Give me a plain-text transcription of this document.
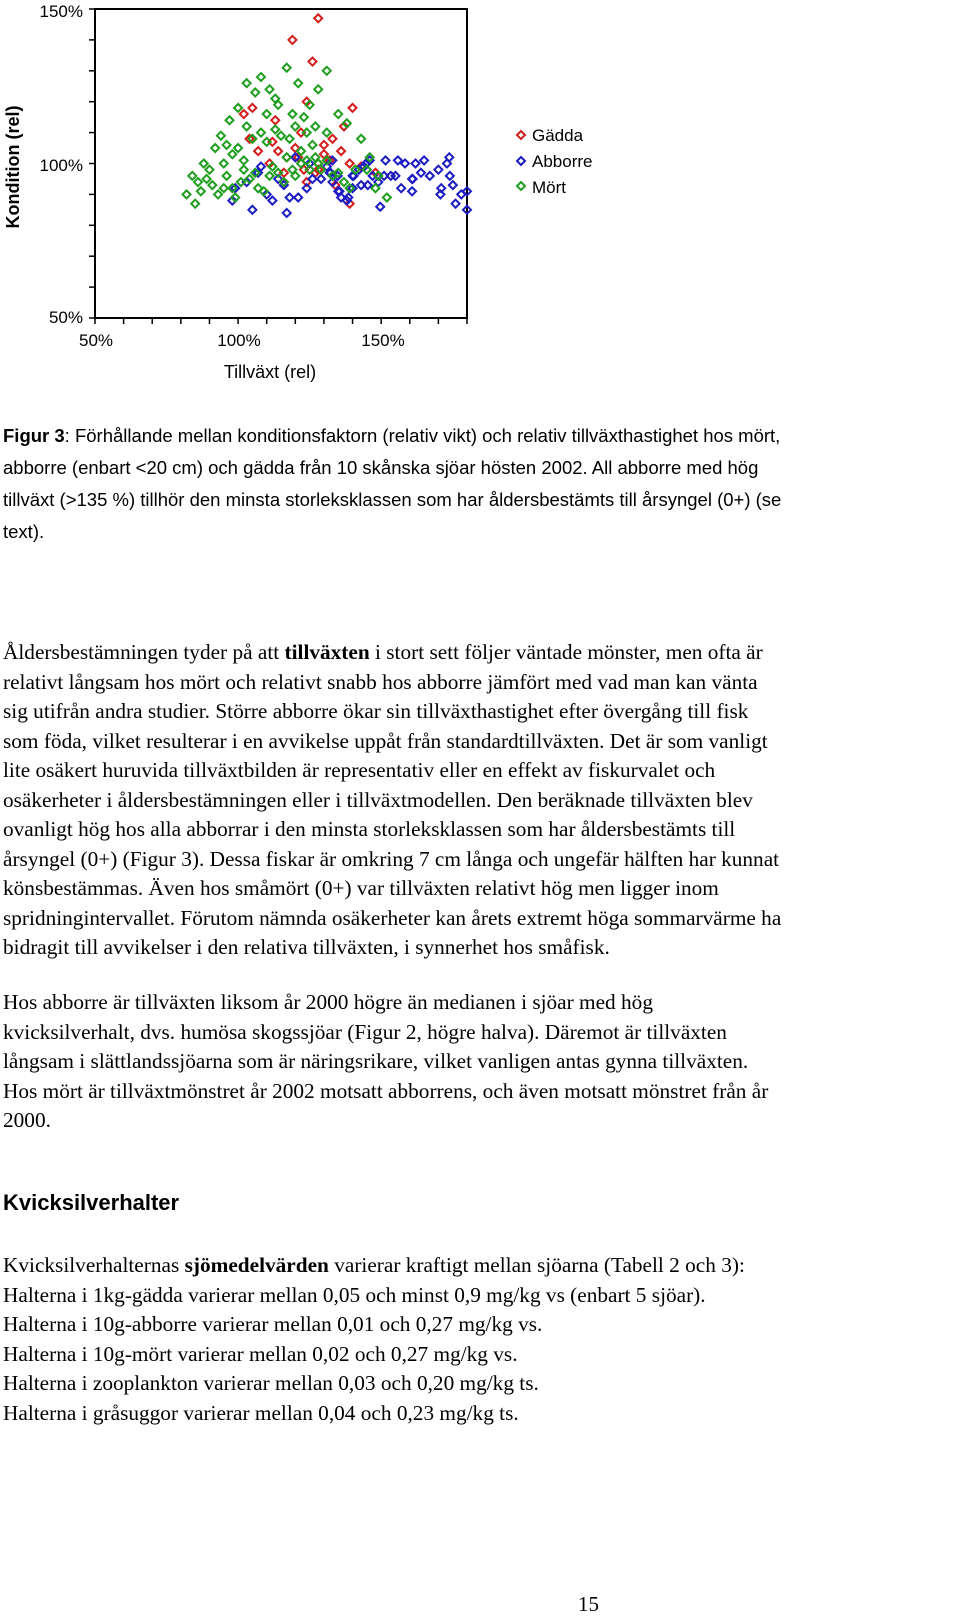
150%
100%
50%
50%	100%	150%
Tillväxt (rel)
Kondition (rel)	Gädda
Abborre
Mört
Figur 3: Förhållande mellan konditionsfaktorn (relativ vikt) och relativ tillväxthastighet hos mört,
abborre (enbart <20 cm) och gädda från 10 skånska sjöar hösten 2002. All abborre med hög
tillväxt (>135 %) tillhör den minsta storleksklassen som har åldersbestämts till årsyngel (0+) (se
text).
Åldersbestämningen tyder på att tillväxten i stort sett följer väntade mönster, men ofta är
relativt långsam hos mört och relativt snabb hos abborre jämfört med vad man kan vänta
sig utifrån andra studier. Större abborre ökar sin tillväxthastighet efter övergång till fisk
som föda, vilket resulterar i en avvikelse uppåt från standardtillväxten. Det är som vanligt
lite osäkert huruvida tillväxtbilden är representativ eller en effekt av fiskurvalet och
osäkerheter i åldersbestämningen eller i tillväxtmodellen. Den beräknade tillväxten blev
ovanligt hög hos alla abborrar i den minsta storleksklassen som har åldersbestämts till
årsyngel (0+) (Figur 3). Dessa fiskar är omkring 7 cm långa och ungefär hälften har kunnat
könsbestämmas. Även hos småmört (0+) var tillväxten relativt hög men ligger inom
spridningintervallet. Förutom nämnda osäkerheter kan årets extremt höga sommarvärme ha
bidragit till avvikelser i den relativa tillväxten, i synnerhet hos småfisk.
Hos abborre är tillväxten liksom år 2000 högre än medianen i sjöar med hög
kvicksilverhalt, dvs. humösa skogssjöar (Figur 2, högre halva). Däremot är tillväxten
långsam i slättlandssjöarna som är näringsrikare, vilket vanligen antas gynna tillväxten.
Hos mört är tillväxtmönstret år 2002 motsatt abborrens, och även motsatt mönstret från år
2000.
Kvicksilverhalter
Kvicksilverhalternas sjömedelvärden varierar kraftigt mellan sjöarna (Tabell 2 och 3):
Halterna i 1kg-gädda varierar mellan 0,05 och minst 0,9 mg/kg vs (enbart 5 sjöar).
Halterna i 10g-abborre varierar mellan 0,01 och 0,27 mg/kg vs.
Halterna i 10g-mört varierar mellan 0,02 och 0,27 mg/kg vs.
Halterna i zooplankton varierar mellan 0,03 och 0,20 mg/kg ts.
Halterna i gråsuggor varierar mellan 0,04 och 0,23 mg/kg ts.
15
